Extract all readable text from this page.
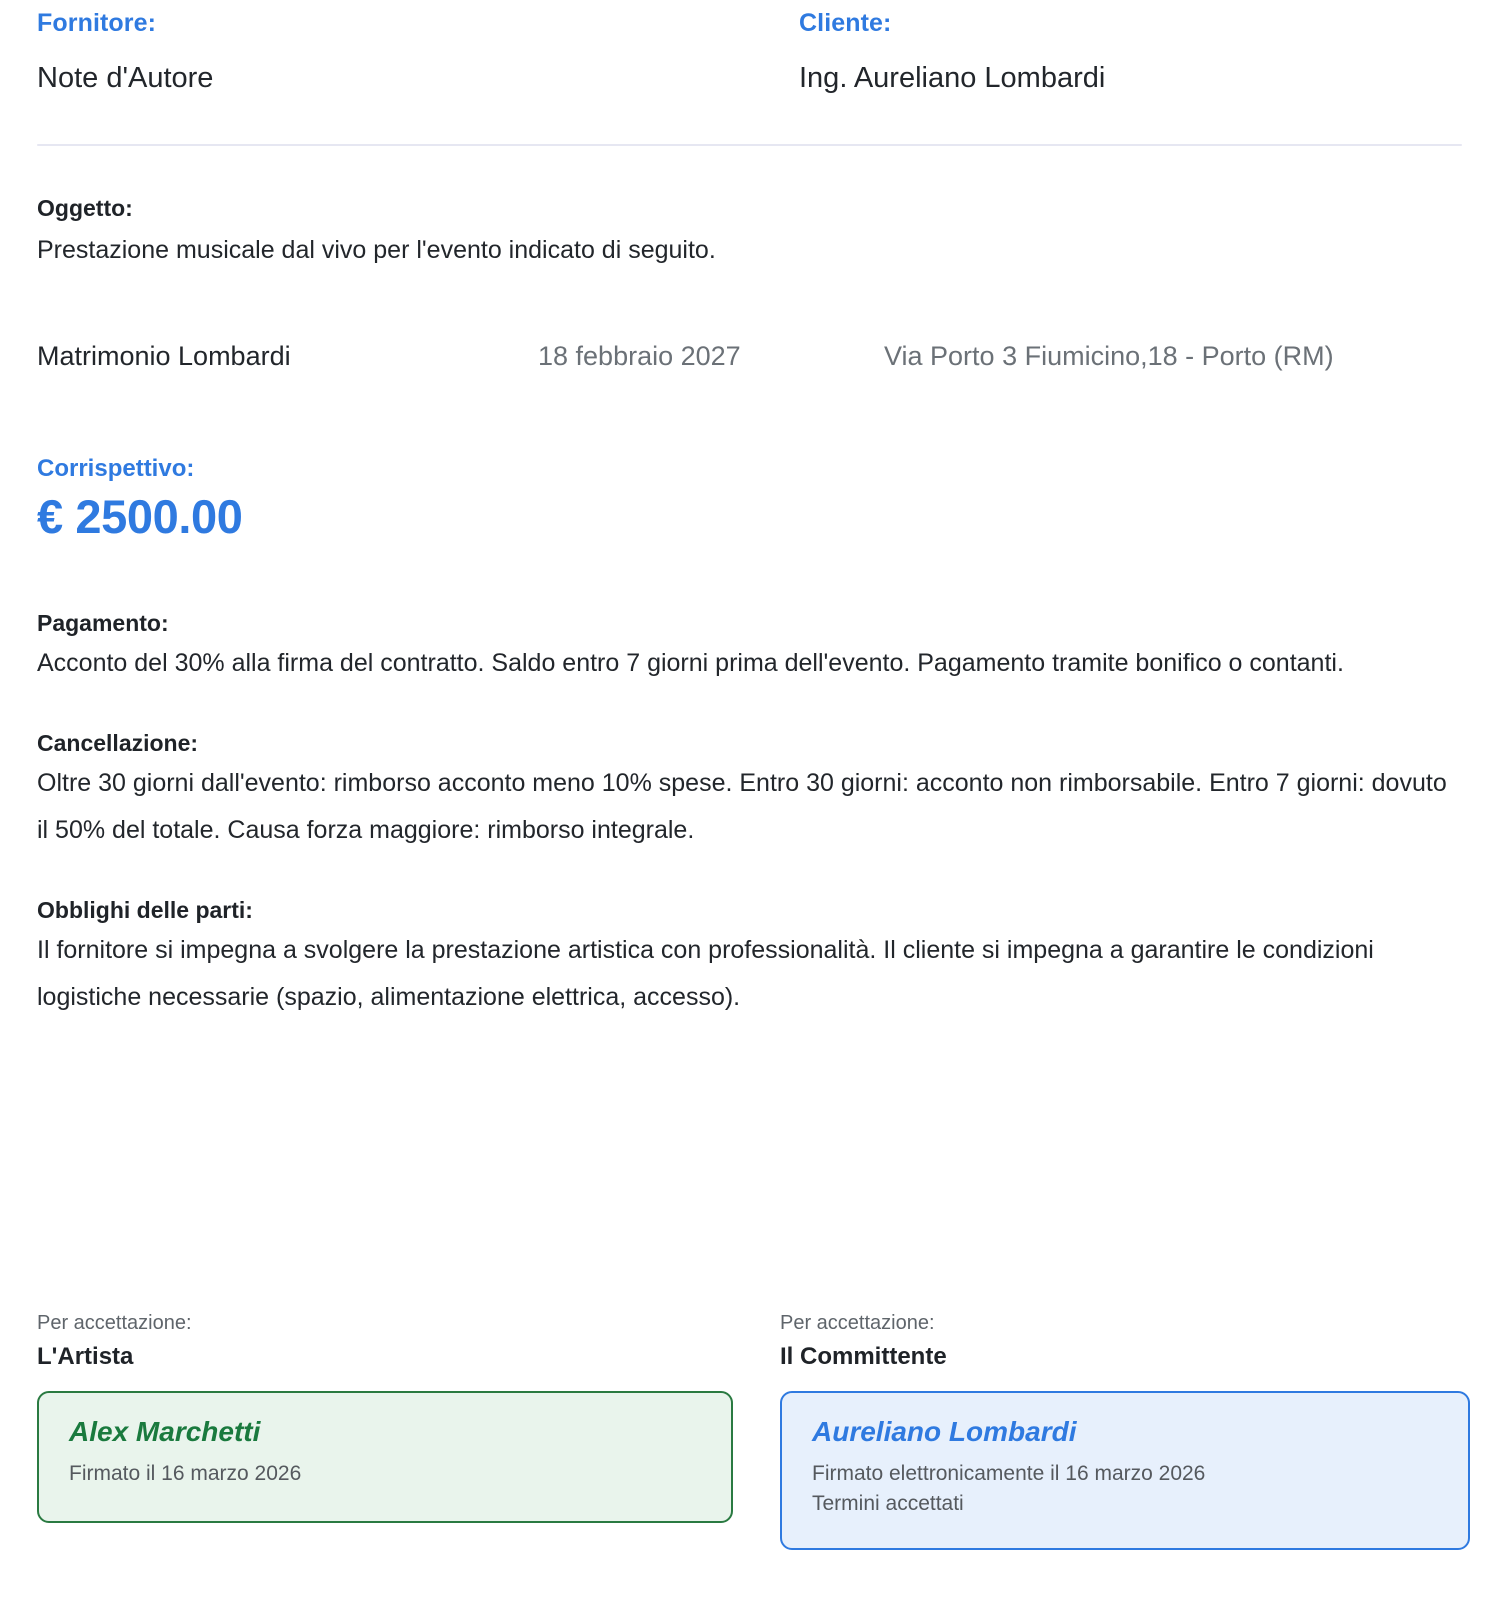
Fornitore:
Note d'Autore
Cliente:
Ing. Aureliano Lombardi
Oggetto:
Prestazione musicale dal vivo per l'evento indicato di seguito.
Matrimonio Lombardi	18 febbraio 2027	Via Porto 3 Fiumicino,18 - Porto (RM)
Corrispettivo:
€ 2500.00
Pagamento:
Acconto del 30% alla firma del contratto. Saldo entro 7 giorni prima dell'evento. Pagamento tramite bonifico o contanti.
Cancellazione:
Oltre 30 giorni dall'evento: rimborso acconto meno 10% spese. Entro 30 giorni: acconto non rimborsabile. Entro 7 giorni: dovuto il 50% del totale. Causa forza maggiore: rimborso integrale.
Obblighi delle parti:
Il fornitore si impegna a svolgere la prestazione artistica con professionalità. Il cliente si impegna a garantire le condizioni logistiche necessarie (spazio, alimentazione elettrica, accesso).
Per accettazione:
L'Artista
Alex Marchetti
Firmato il 16 marzo 2026
Per accettazione:
Il Committente
Aureliano Lombardi
Firmato elettronicamente il 16 marzo 2026
Termini accettati
